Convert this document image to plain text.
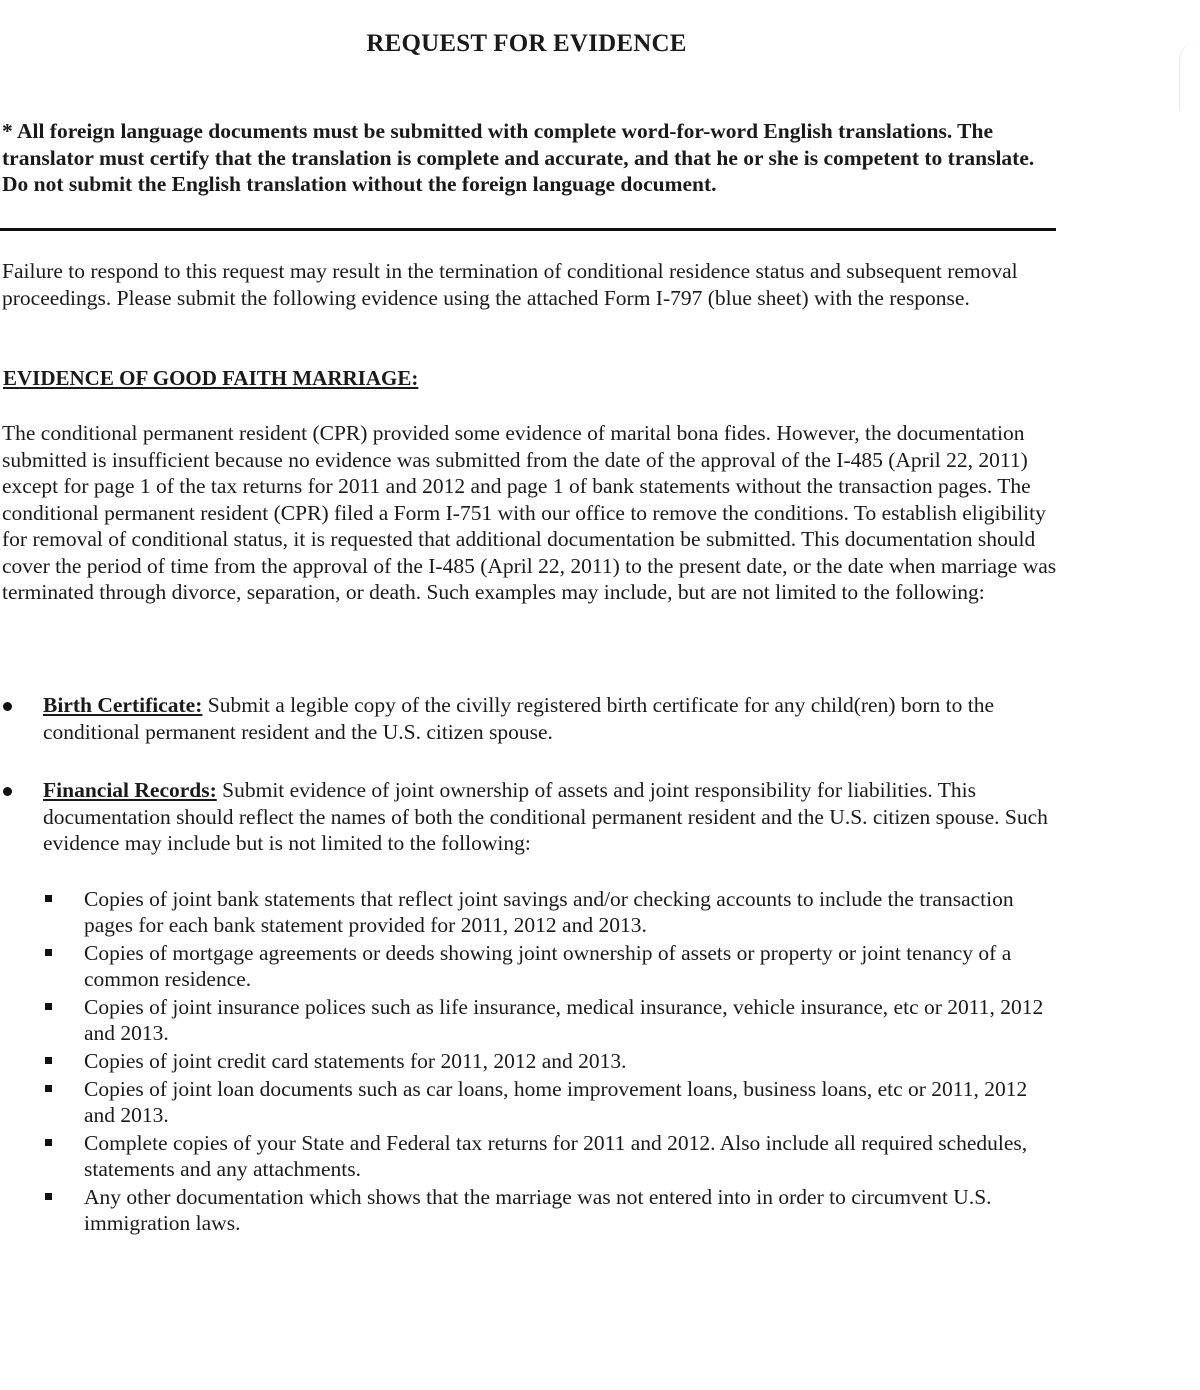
REQUEST FOR EVIDENCE
* All foreign language documents must be submitted with complete word-for-word English translations. The translator must certify that the translation is complete and accurate, and that he or she is competent to translate. Do not submit the English translation without the foreign language document.
Failure to respond to this request may result in the termination of conditional residence status and subsequent removal proceedings. Please submit the following evidence using the attached Form I-797 (blue sheet) with the response.
EVIDENCE OF GOOD FAITH MARRIAGE:
The conditional permanent resident (CPR) provided some evidence of marital bona fides. However, the documentation submitted is insufficient because no evidence was submitted from the date of the approval of the I-485 (April 22, 2011) except for page 1 of the tax returns for 2011 and 2012 and page 1 of bank statements without the transaction pages. The conditional permanent resident (CPR) filed a Form I-751 with our office to remove the conditions. To establish eligibility for removal of conditional status, it is requested that additional documentation be submitted. This documentation should cover the period of time from the approval of the I-485 (April 22, 2011) to the present date, or the date when marriage was terminated through divorce, separation, or death. Such examples may include, but are not limited to the following:
Birth Certificate: Submit a legible copy of the civilly registered birth certificate for any child(ren) born to the conditional permanent resident and the U.S. citizen spouse.
Financial Records: Submit evidence of joint ownership of assets and joint responsibility for liabilities. This documentation should reflect the names of both the conditional permanent resident and the U.S. citizen spouse. Such evidence may include but is not limited to the following:
Copies of joint bank statements that reflect joint savings and/or checking accounts to include the transaction pages for each bank statement provided for 2011, 2012 and 2013.
Copies of mortgage agreements or deeds showing joint ownership of assets or property or joint tenancy of a common residence.
Copies of joint insurance polices such as life insurance, medical insurance, vehicle insurance, etc or 2011, 2012 and 2013.
Copies of joint credit card statements for 2011, 2012 and 2013.
Copies of joint loan documents such as car loans, home improvement loans, business loans, etc or 2011, 2012 and 2013.
Complete copies of your State and Federal tax returns for 2011 and 2012. Also include all required schedules, statements and any attachments.
Any other documentation which shows that the marriage was not entered into in order to circumvent U.S. immigration laws.
